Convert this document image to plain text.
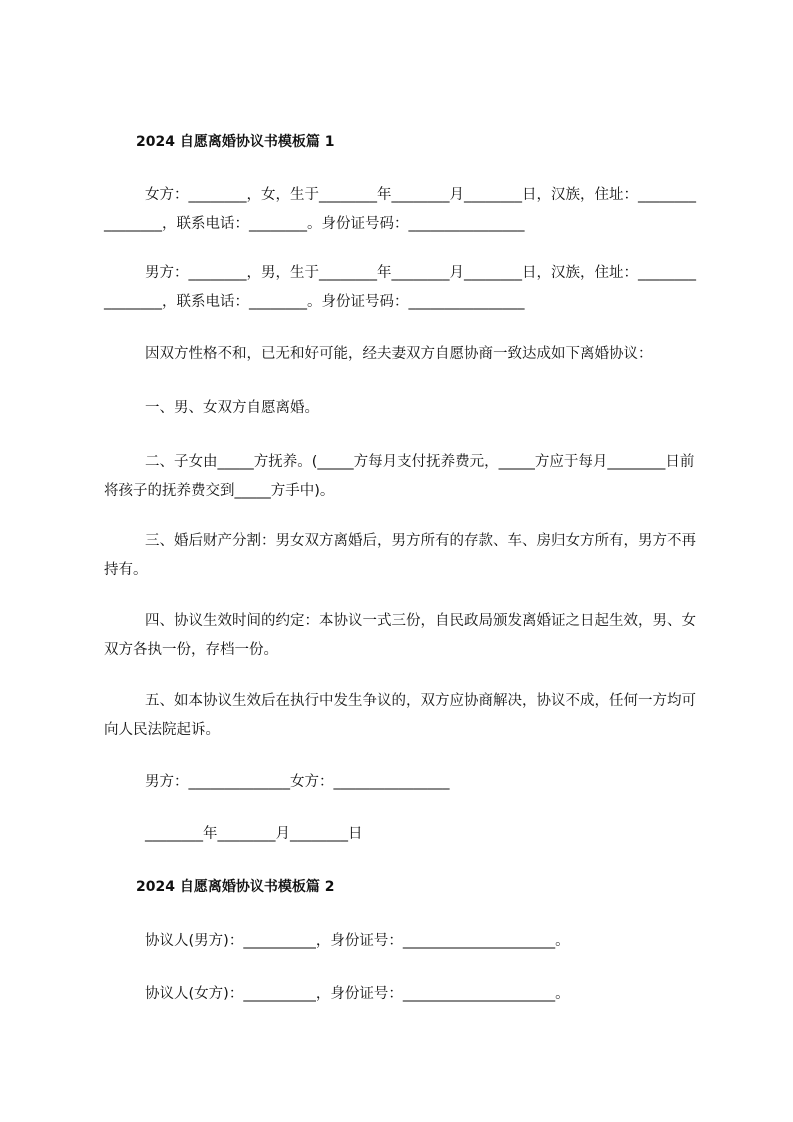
2024 自愿离婚协议书模板篇 1

女方：________，女，生于________年________月________日，汉族，住址：________________，联系电话：________。身份证号码：________________

男方：________，男，生于________年________月________日，汉族，住址：________________，联系电话：________。身份证号码：________________

因双方性格不和，已无和好可能，经夫妻双方自愿协商一致达成如下离婚协议：

一、男、女双方自愿离婚。

二、子女由_____方抚养。(_____方每月支付抚养费元，_____方应于每月________日前将孩子的抚养费交到_____方手中)。

三、婚后财产分割：男女双方离婚后，男方所有的存款、车、房归女方所有，男方不再持有。

四、协议生效时间的约定：本协议一式三份，自民政局颁发离婚证之日起生效，男、女双方各执一份，存档一份。

五、如本协议生效后在执行中发生争议的，双方应协商解决，协议不成，任何一方均可向人民法院起诉。

男方：______________女方：________________

________年________月________日

2024 自愿离婚协议书模板篇 2

协议人(男方)：__________，身份证号：_____________________。

协议人(女方)：__________，身份证号：_____________________。
